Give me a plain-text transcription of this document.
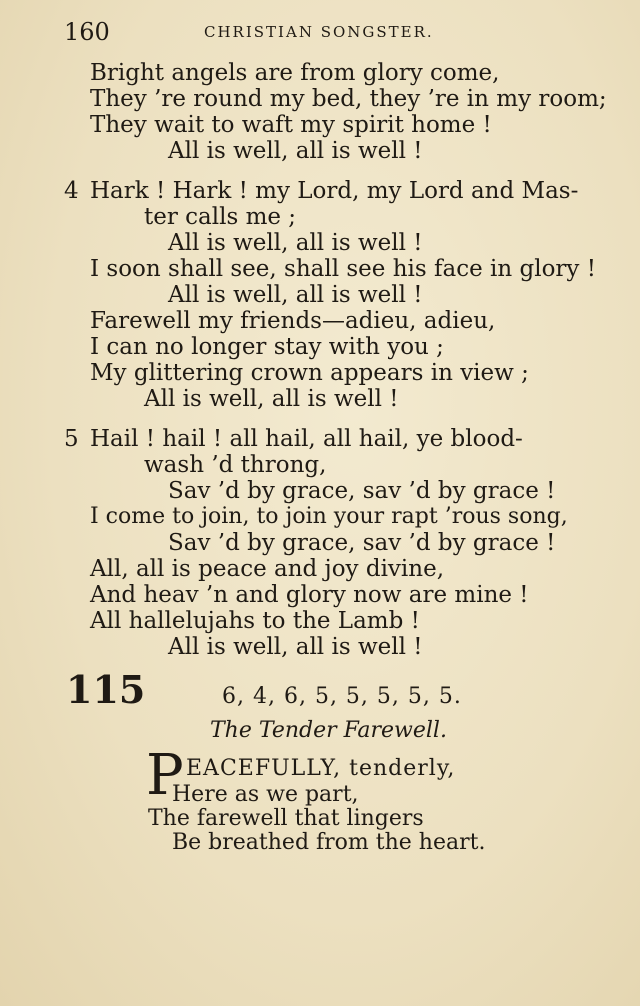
160	CHRISTIAN SONGSTER.
Bright angels are from glory come,
They ’re round my bed, they ’re in my room;
They wait to waft my spirit home !
All is well, all is well !
4 Hark ! Hark ! my Lord, my Lord and Mas-
ter calls me ;
All is well, all is well !
I soon shall see, shall see his face in glory !
All is well, all is well !
Farewell my friends—adieu, adieu,
I can no longer stay with you ;
My glittering crown appears in view ;
All is well, all is well !
5 Hail ! hail ! all hail, all hail, ye blood-
wash ’d throng,
Sav ’d by grace, sav ’d by grace !
I come to join, to join your rapt ’rous song,
Sav ’d by grace, sav ’d by grace !
All, all is peace and joy divine,
And heav ’n and glory now are mine !
All hallelujahs to the Lamb !
All is well, all is well !
115	6, 4, 6, 5, 5, 5, 5, 5.
The Tender Farewell.
P EACEFULLY, tenderly,
Here as we part,
The farewell that lingers
Be breathed from the heart.
